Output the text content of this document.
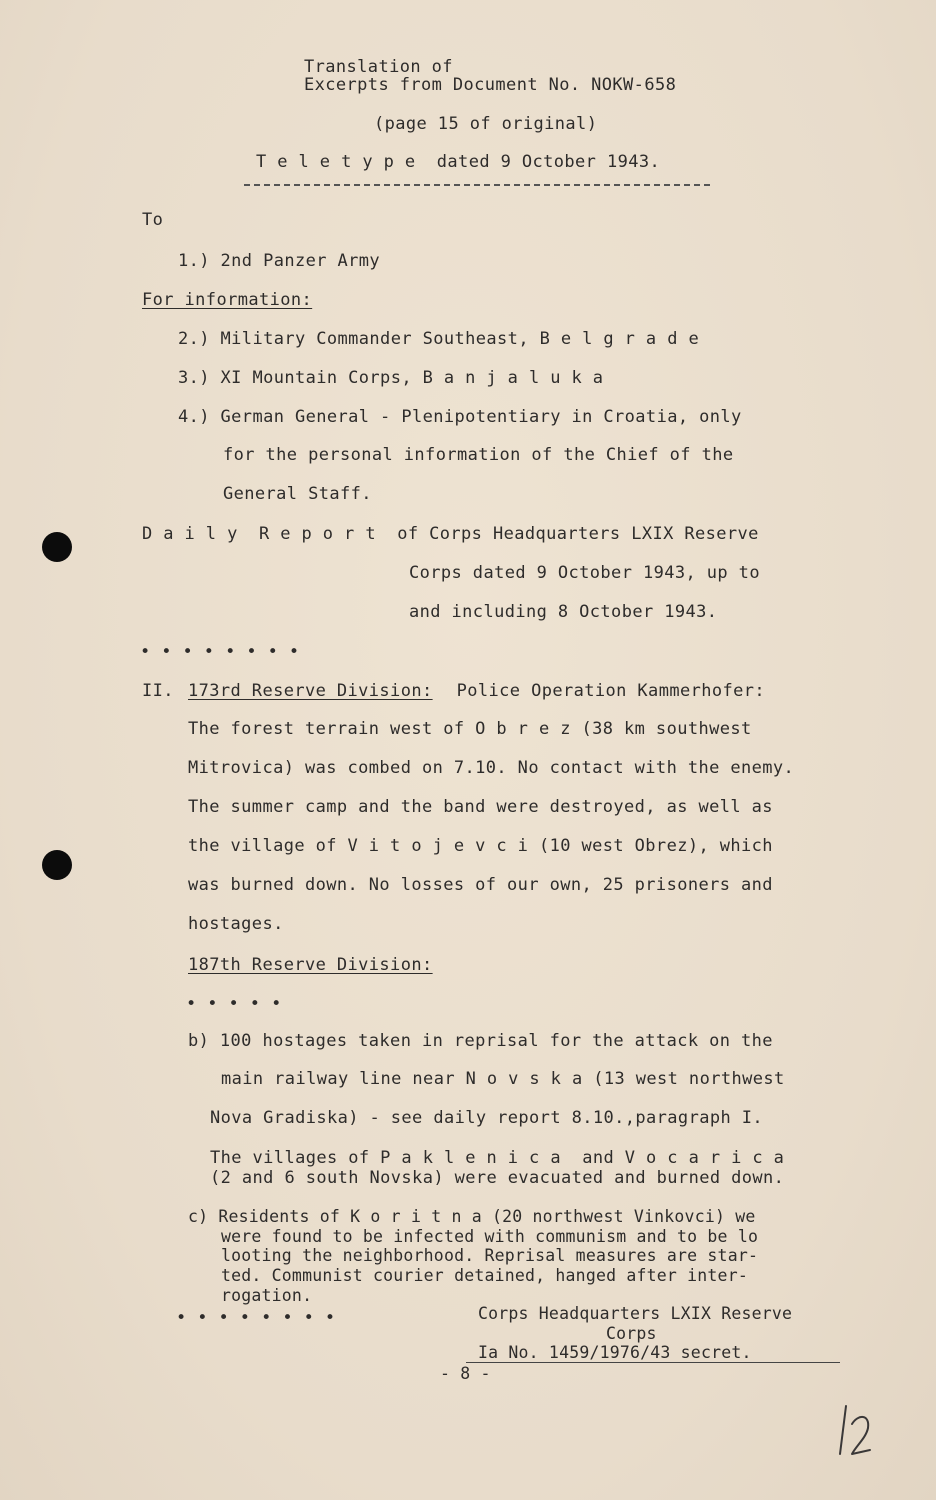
Translation of
Excerpts from Document No. NOKW-658
(page 15 of original)
T e l e t y p e  dated 9 October 1943.
To
1.) 2nd Panzer Army
For information:
2.) Military Commander Southeast, B e l g r a d e
3.) XI Mountain Corps, B a n j a l u k a
4.) German General - Plenipotentiary in Croatia, only
for the personal information of the Chief of the
General Staff.
D a i l y  R e p o r t  of Corps Headquarters LXIX Reserve
Corps dated 9 October 1943, up to
and including 8 October 1943.
• • • • • • • •
II. 173rd Reserve Division: Police Operation Kammerhofer:
The forest terrain west of O b r e z (38 km southwest
Mitrovica) was combed on 7.10. No contact with the enemy.
The summer camp and the band were destroyed, as well as
the village of V i t o j e v c i (10 west Obrez), which
was burned down. No losses of our own, 25 prisoners and
hostages.
187th Reserve Division:
• • • • •
b) 100 hostages taken in reprisal for the attack on the
main railway line near N o v s k a (13 west northwest
Nova Gradiska) - see daily report 8.10.,paragraph I.
The villages of P a k l e n i c a  and V o c a r i c a
(2 and 6 south Novska) were evacuated and burned down.
c) Residents of K o r i t n a (20 northwest Vinkovci) we
were found to be infected with communism and to be lo
looting the neighborhood. Reprisal measures are star-
ted. Communist courier detained, hanged after inter-
rogation.
• • • • • • • •	Corps Headquarters LXIX Reserve
Corps
Ia No. 1459/1976/43 secret.
- 8 -
